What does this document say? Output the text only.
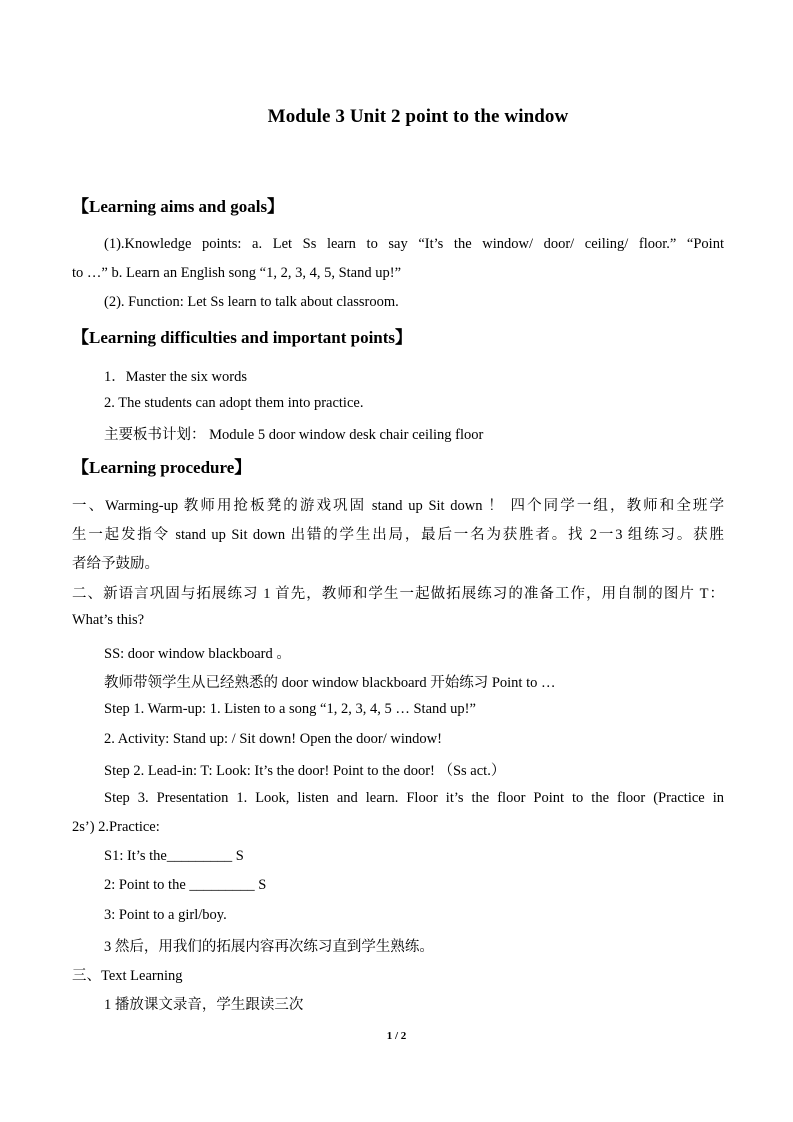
Module 3 Unit 2 point to the window
【Learning aims and goals】
(1).Knowledge points: a. Let Ss learn to say “It’s the window/ door/ ceiling/ floor.” “Point
to …” b. Learn an English song “1, 2, 3, 4, 5, Stand up!”
(2). Function: Let Ss learn to talk about classroom.
【Learning difficulties and important points】
1．Master the six words
2. The students can adopt them into practice.
主要板书计划： Module 5 door window desk chair ceiling floor
【Learning procedure】
一、Warming-up 教师用抢板凳的游戏巩固 stand up Sit down ！ 四个同学一组，教师和全班学
生一起发指令 stand up Sit down 出错的学生出局，最后一名为获胜者。找 2一3 组练习。获胜
者给予鼓励。
二、新语言巩固与拓展练习 1 首先，教师和学生一起做拓展练习的准备工作，用自制的图片 T：
What’s this?
SS: door window blackboard 。
教师带领学生从已经熟悉的 door window blackboard 开始练习 Point to …
Step 1. Warm-up: 1. Listen to a song “1, 2, 3, 4, 5 … Stand up!”
2. Activity: Stand up: / Sit down! Open the door/ window!
Step 2. Lead-in: T: Look: It’s the door! Point to the door! （Ss act.）
Step 3. Presentation 1. Look, listen and learn. Floor it’s the floor Point to the floor (Practice in
2s’) 2.Practice:
S1: It’s the_________ S
2: Point to the _________ S
3: Point to a girl/boy.
3 然后，用我们的拓展内容再次练习直到学生熟练。
三、Text Learning
1 播放课文录音，学生跟读三次
1 / 2
